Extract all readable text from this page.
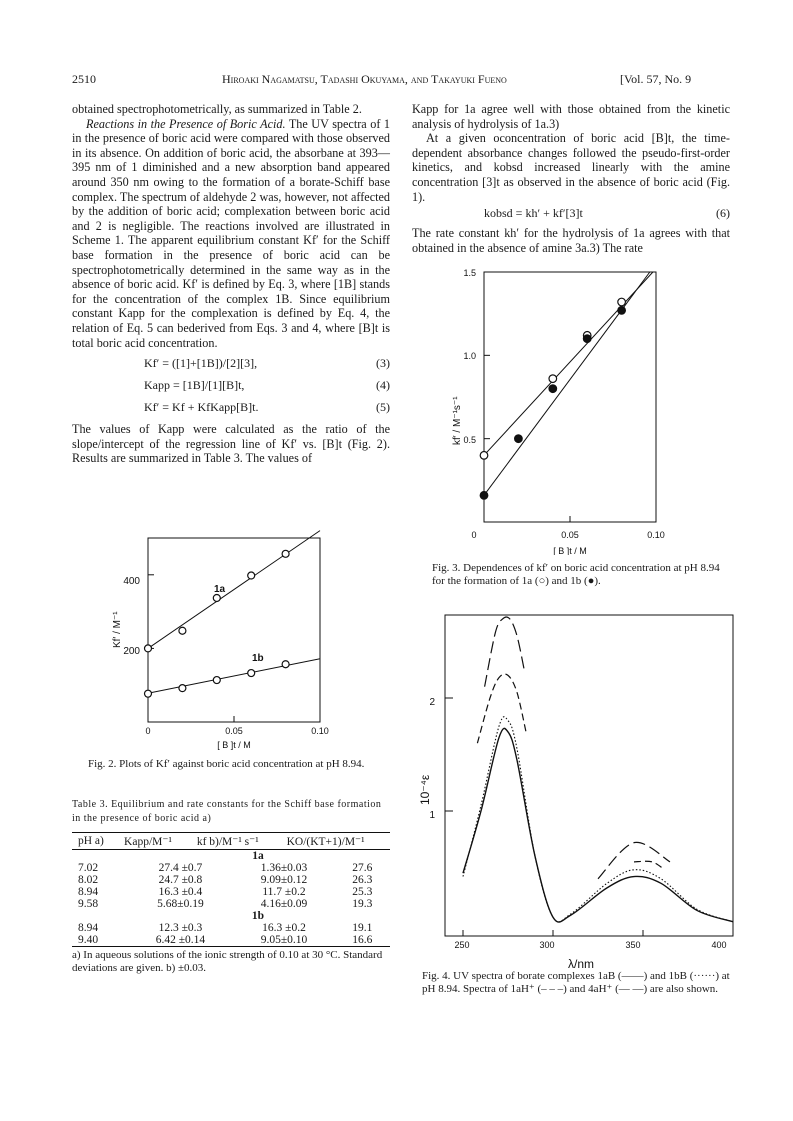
2510	Hiroaki Nagamatsu, Tadashi Okuyama, and Takayuki Fueno	[Vol. 57, No. 9

obtained spectrophotometrically, as summarized in Table 2.

Reactions in the Presence of Boric Acid. The UV spectra of 1 in the presence of boric acid were compared with those observed in its absence. On addition of boric acid, the absorbane at 393—395 nm of 1 diminished and a new absorption band appeared around 350 nm owing to the formation of a borate-Schiff base complex. The spectrum of aldehyde 2 was, however, not affected by the addition of boric acid; complexation between boric acid and 2 is negligible. The reactions involved are illustrated in Scheme 1. The apparent equilibrium constant Kf′ for the Schiff base formation in the presence of boric acid can be spectrophotometrically determined in the same way as in the absence of boric acid. Kf′ is defined by Eq. 3, where [1B] stands for the concentration of the complex 1B. Since equilibrium constant Kapp for the complexation is defined by Eq. 4, the relation of Eq. 5 can bederived from Eqs. 3 and 4, where [B]t is total boric acid concentration.

Kf′ = ([1]+[1B])/[2][3],	(3)
Kapp = [1B]/[1][B]t,	(4)
Kf′ = Kf + KfKapp[B]t.	(5)

The values of Kapp were calculated as the ratio of the slope/intercept of the regression line of Kf′ vs. [B]t (Fig. 2). Results are summarized in Table 3. The values of

Kapp for 1a agree well with those obtained from the kinetic analysis of hydrolysis of 1a.3)

At a given oconcentration of boric acid [B]t, the time-dependent absorbance changes followed the pseudo-first-order kinetics, and kobsd increased linearly with the amine concentration [3]t as observed in the absence of boric acid (Fig. 1).

kobsd = kh′ + kf′[3]t	(6)

The rate constant kh′ for the hydrolysis of 1a agrees with that obtained in the absence of amine 3a.3) The rate

1a
1b
400
200
0	0.05	0.10
[ B ]t / M
Kf′ / M⁻¹
Fig. 2. Plots of Kf′ against boric acid concentration at pH 8.94.
Table 3. Equilibrium and rate constants for the Schiff base formation in the presence of boric acid a)
pH a)	Kapp/M⁻¹	kf b)/M⁻¹ s⁻¹	KO/(KT+1)/M⁻¹
1a			
7.02	27.4 ±0.7	1.36±0.03	27.6
8.02	24.7 ±0.8	9.09±0.12	26.3
8.94	16.3 ±0.4	11.7 ±0.2	25.3
9.58	5.68±0.19	4.16±0.09	19.3
1b			
8.94	12.3 ±0.3	16.3 ±0.2	19.1
9.40	6.42 ±0.14	9.05±0.10	16.6
a) In aqueous solutions of the ionic strength of 0.10 at 30 °C. Standard deviations are given. b) ±0.03.
1.5
1.0
0.5
0	0.05	0.10
[ B ]t / M
kf′ / M⁻¹s⁻¹
Fig. 3. Dependences of kf′ on boric acid concentration at pH 8.94 for the formation of 1a (○) and 1b (●).
2
1
250	300	350	400
λ/nm
10⁻⁴ε
Fig. 4. UV spectra of borate complexes 1aB (——) and 1bB (······) at pH 8.94. Spectra of 1aH⁺ (– – –) and 4aH⁺ (— —) are also shown.
